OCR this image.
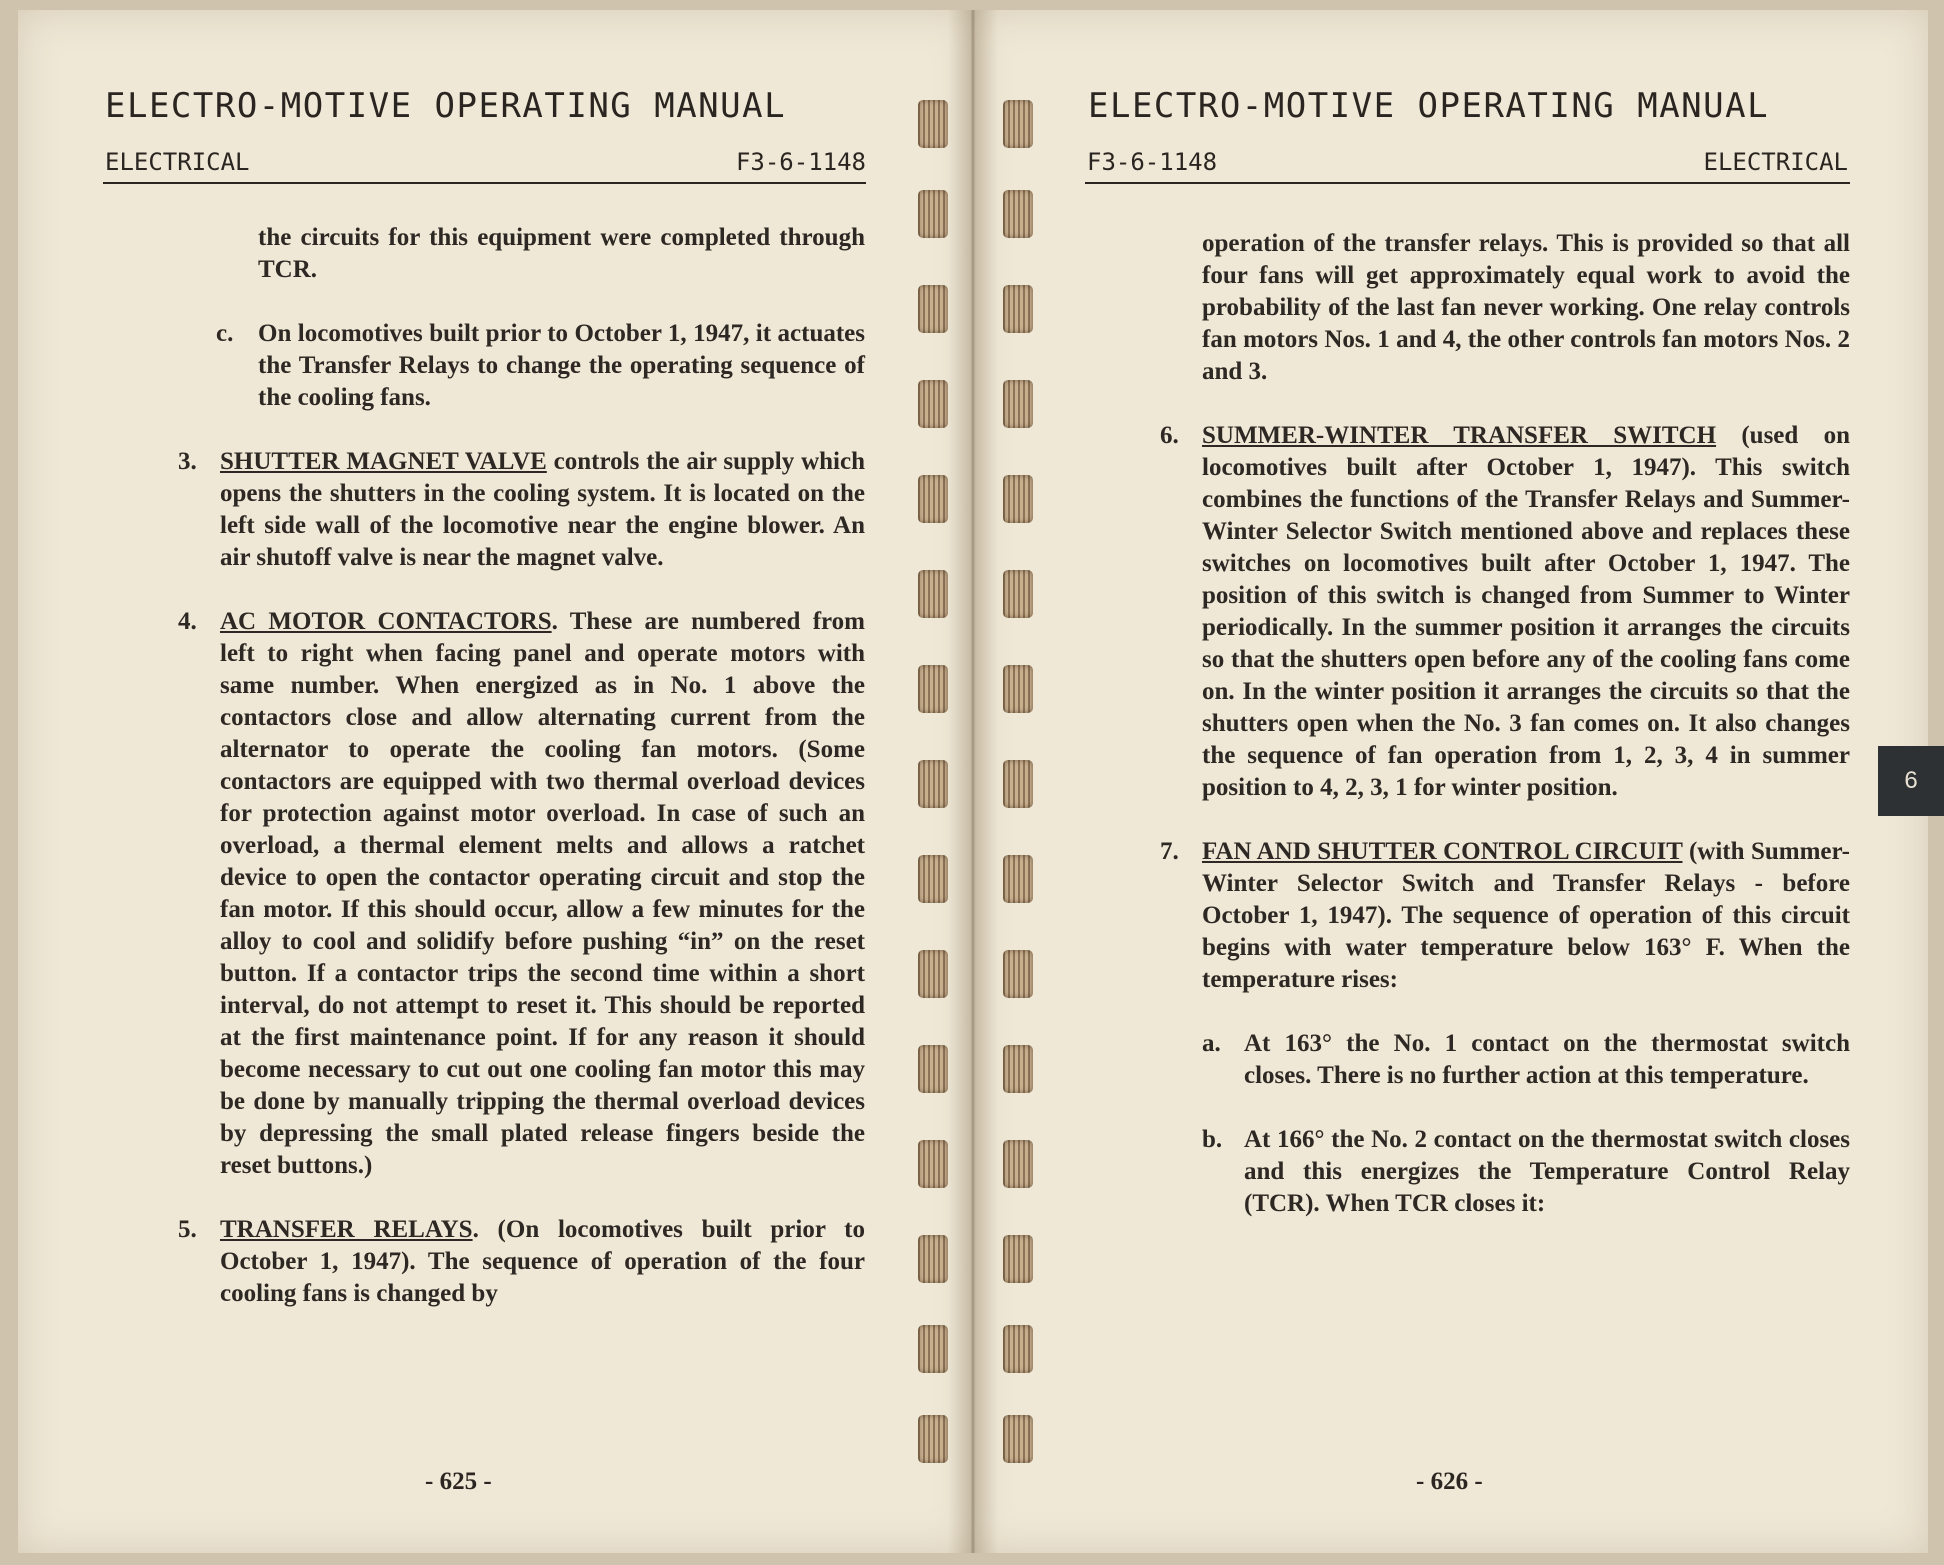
ELECTRO-MOTIVE OPERATING MANUAL
ELECTRICAL	F3-6-1148
the circuits for this equipment were completed through TCR.
c. On locomotives built prior to October 1, 1947, it actuates the Transfer Relays to change the operating sequence of the cooling fans.
3. SHUTTER MAGNET VALVE controls the air supply which opens the shutters in the cooling system. It is located on the left side wall of the locomotive near the engine blower. An air shutoff valve is near the magnet valve.
4. AC MOTOR CONTACTORS. These are numbered from left to right when facing panel and operate motors with same number. When energized as in No. 1 above the contactors close and allow alternating current from the alternator to operate the cooling fan motors. (Some contactors are equipped with two thermal overload devices for protection against motor overload. In case of such an overload, a thermal element melts and allows a ratchet device to open the contactor operating circuit and stop the fan motor. If this should occur, allow a few minutes for the alloy to cool and solidify before pushing “in” on the reset button. If a contactor trips the second time within a short interval, do not attempt to reset it. This should be reported at the first maintenance point. If for any reason it should become necessary to cut out one cooling fan motor this may be done by manually tripping the thermal overload devices by depressing the small plated release fingers beside the reset buttons.)
5. TRANSFER RELAYS. (On locomotives built prior to October 1, 1947). The sequence of operation of the four cooling fans is changed by
- 625 -
ELECTRO-MOTIVE OPERATING MANUAL
F3-6-1148	ELECTRICAL
operation of the transfer relays. This is provided so that all four fans will get approximately equal work to avoid the probability of the last fan never working. One relay controls fan motors Nos. 1 and 4, the other controls fan motors Nos. 2 and 3.
6. SUMMER-WINTER TRANSFER SWITCH (used on locomotives built after October 1, 1947). This switch combines the functions of the Transfer Relays and Summer-Winter Selector Switch mentioned above and replaces these switches on locomotives built after October 1, 1947. The position of this switch is changed from Summer to Winter periodically. In the summer position it arranges the circuits so that the shutters open before any of the cooling fans come on. In the winter position it arranges the circuits so that the shutters open when the No. 3 fan comes on. It also changes the sequence of fan operation from 1, 2, 3, 4 in summer position to 4, 2, 3, 1 for winter position.
7. FAN AND SHUTTER CONTROL CIRCUIT (with Summer-Winter Selector Switch and Transfer Relays - before October 1, 1947). The sequence of operation of this circuit begins with water temperature below 163° F. When the temperature rises:
a. At 163° the No. 1 contact on the thermostat switch closes. There is no further action at this temperature.
b. At 166° the No. 2 contact on the thermostat switch closes and this energizes the Temperature Control Relay (TCR). When TCR closes it:
- 626 -
6
